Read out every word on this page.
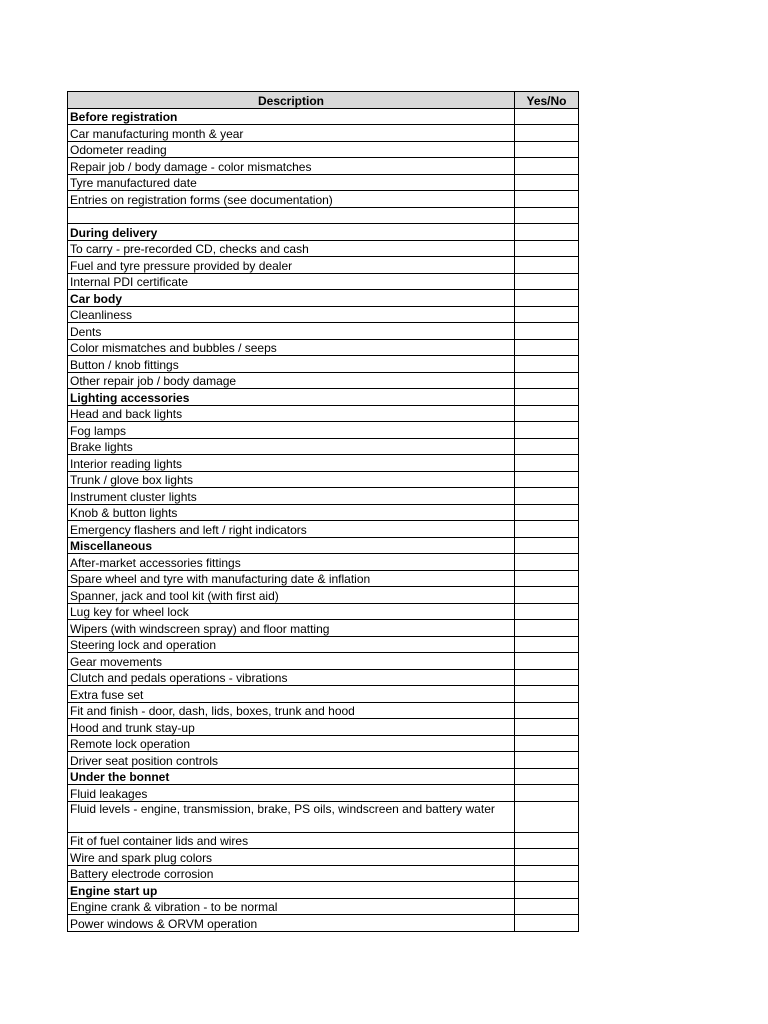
Description	Yes/No
Before registration	
Car manufacturing month & year	
Odometer reading	
Repair job / body damage - color mismatches	
Tyre manufactured date	
Entries on registration forms (see documentation)	

During delivery	
To carry - pre-recorded CD, checks and cash	
Fuel and tyre pressure provided by dealer	
Internal PDI certificate	
Car body	
Cleanliness	
Dents	
Color mismatches and bubbles / seeps	
Button / knob fittings	
Other repair job / body damage	
Lighting accessories	
Head and back lights	
Fog lamps	
Brake lights	
Interior reading lights	
Trunk / glove box lights	
Instrument cluster lights	
Knob & button lights	
Emergency flashers and left / right indicators	
Miscellaneous	
After-market accessories fittings	
Spare wheel and tyre with manufacturing date & inflation	
Spanner, jack and tool kit (with first aid)	
Lug key for wheel lock	
Wipers (with windscreen spray) and floor matting	
Steering lock and operation	
Gear movements	
Clutch and pedals operations - vibrations	
Extra fuse set	
Fit and finish - door, dash, lids, boxes, trunk and hood	
Hood and trunk stay-up	
Remote lock operation	
Driver seat position controls	
Under the bonnet	
Fluid leakages	
Fluid levels - engine, transmission, brake, PS oils, windscreen and battery water	
Fit of fuel container lids and wires	
Wire and spark plug colors	
Battery electrode corrosion	
Engine start up	
Engine crank & vibration - to be normal	
Power windows & ORVM operation	
